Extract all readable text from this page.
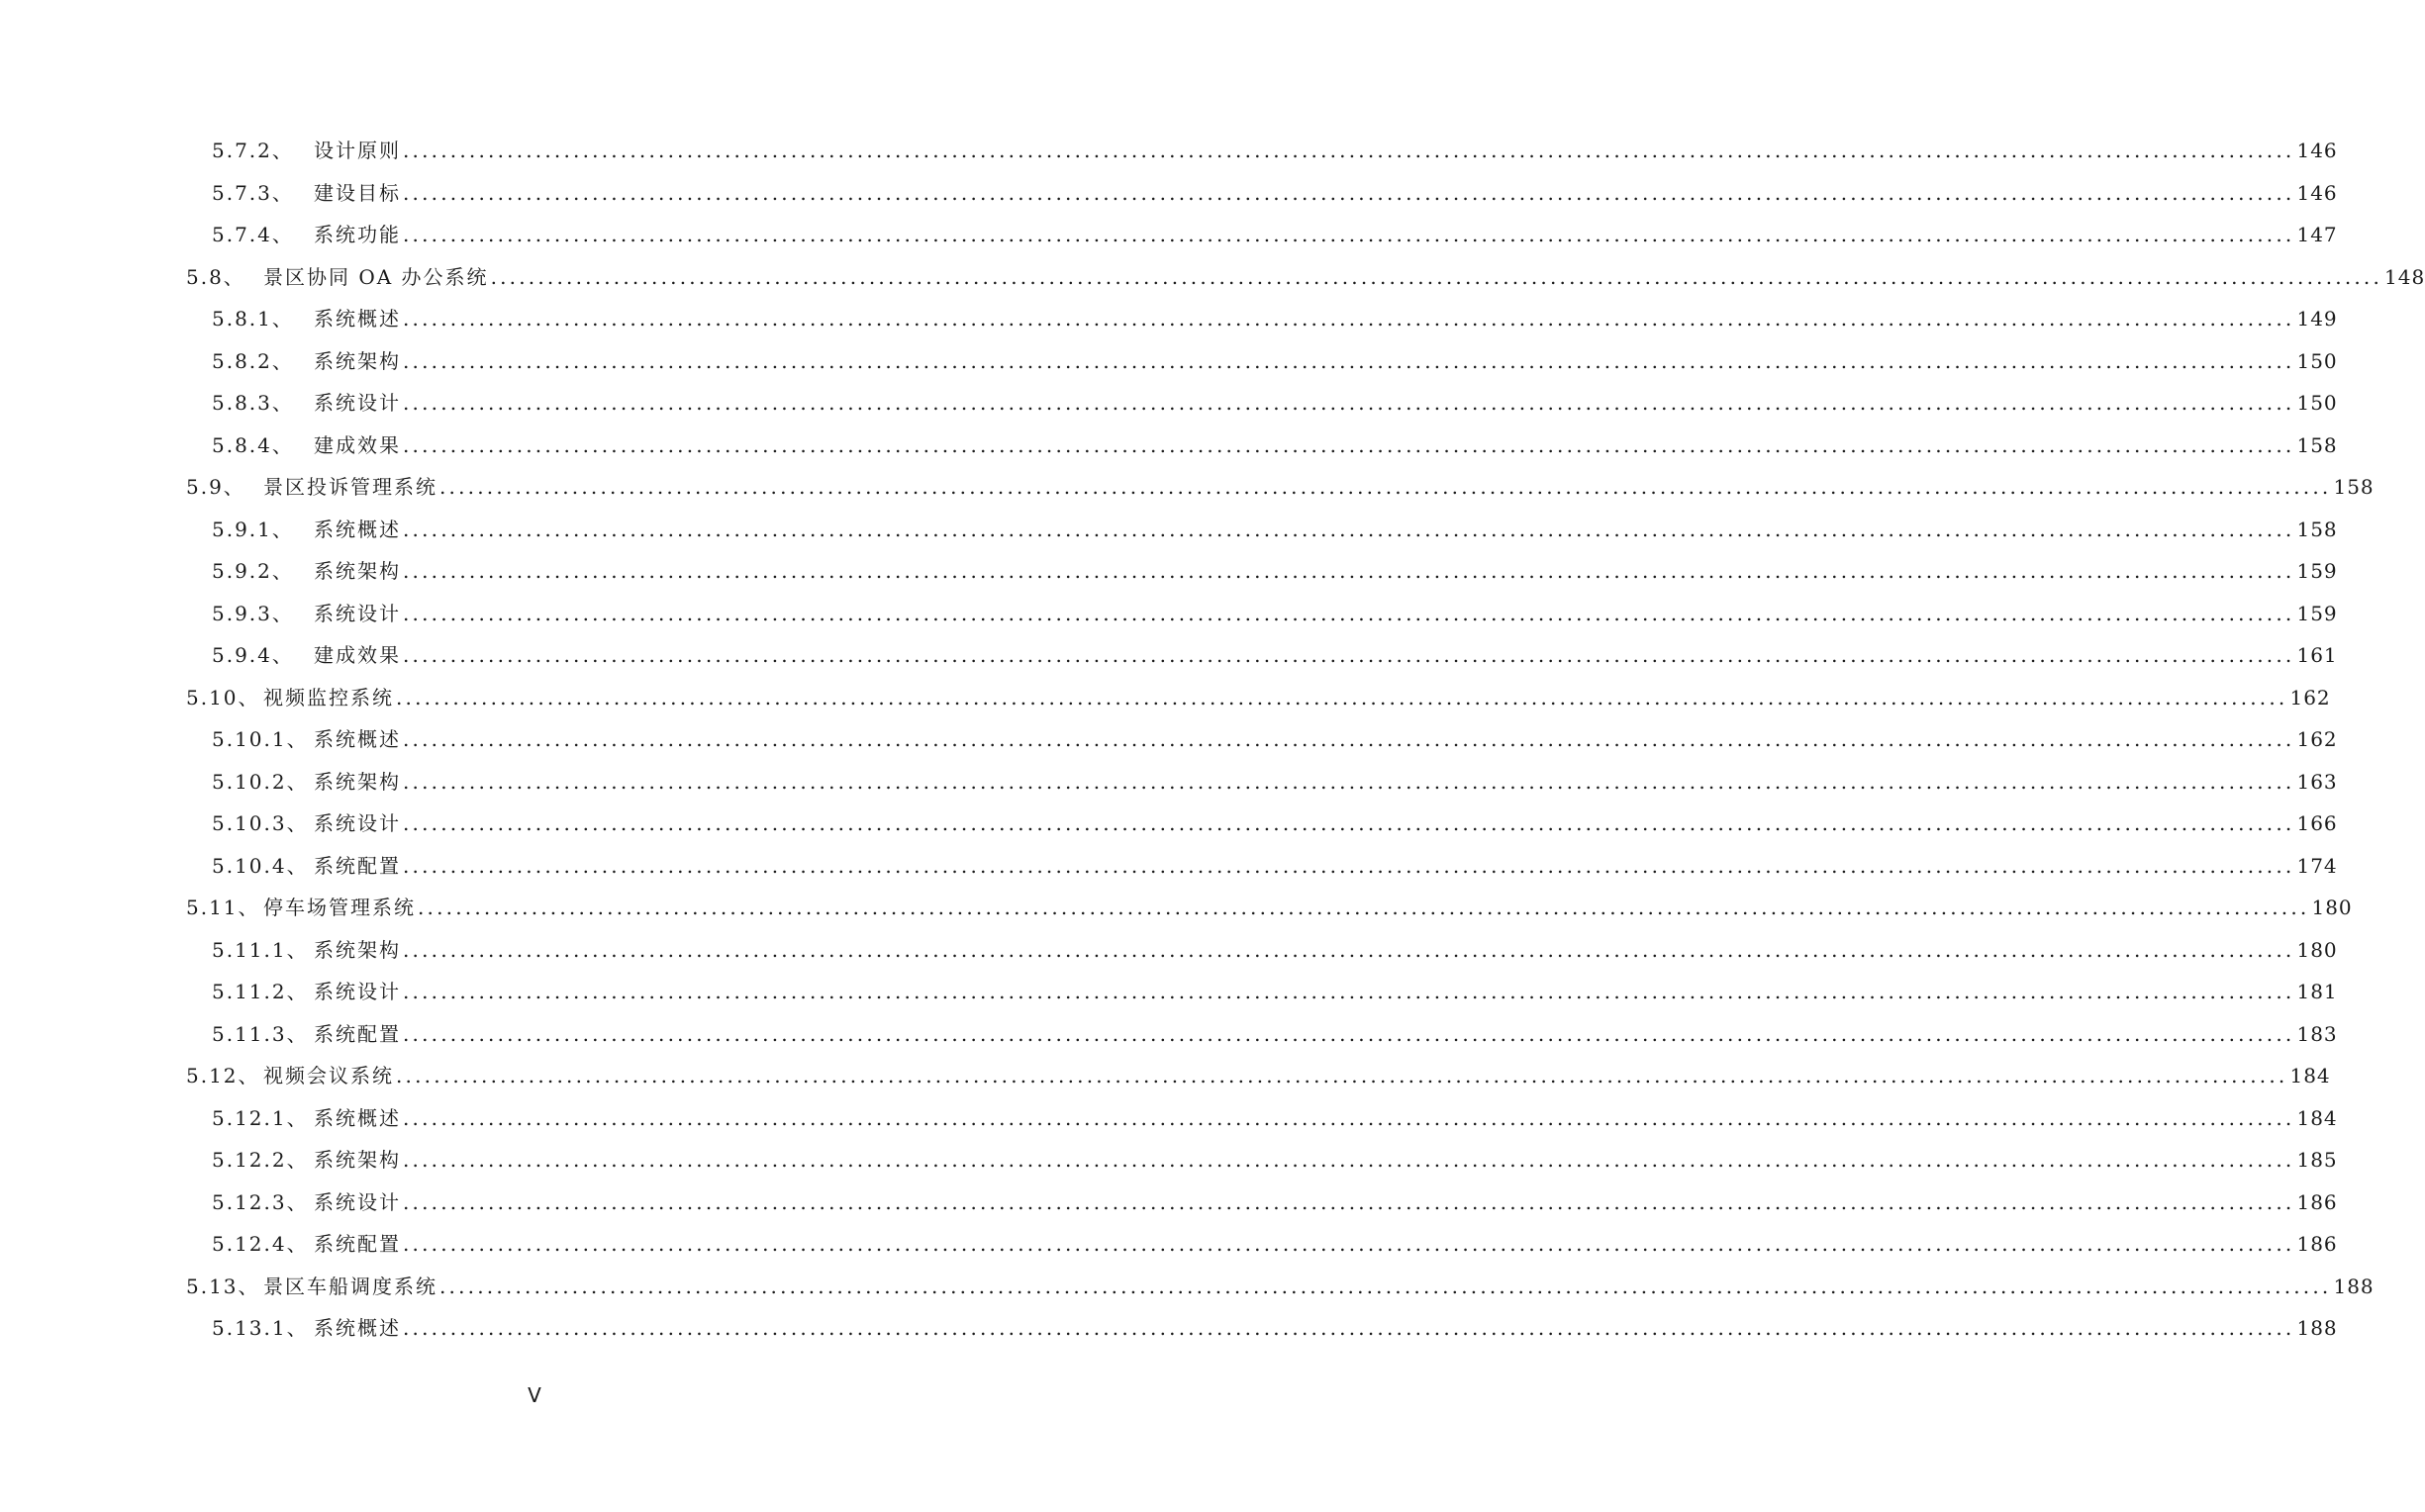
5.7.2、 设计原则 ........................................................................................................................................................................................................ 146
5.7.3、 建设目标 ........................................................................................................................................................................................................ 146
5.7.4、 系统功能 ........................................................................................................................................................................................................ 147
5.8、 景区协同 OA 办公系统 ........................................................................................................................................................................................................ 148
5.8.1、 系统概述 ........................................................................................................................................................................................................ 149
5.8.2、 系统架构 ........................................................................................................................................................................................................ 150
5.8.3、 系统设计 ........................................................................................................................................................................................................ 150
5.8.4、 建成效果 ........................................................................................................................................................................................................ 158
5.9、 景区投诉管理系统 ........................................................................................................................................................................................................ 158
5.9.1、 系统概述 ........................................................................................................................................................................................................ 158
5.9.2、 系统架构 ........................................................................................................................................................................................................ 159
5.9.3、 系统设计 ........................................................................................................................................................................................................ 159
5.9.4、 建成效果 ........................................................................................................................................................................................................ 161
5.10、 视频监控系统 ........................................................................................................................................................................................................ 162
5.10.1、 系统概述 ........................................................................................................................................................................................................ 162
5.10.2、 系统架构 ........................................................................................................................................................................................................ 163
5.10.3、 系统设计 ........................................................................................................................................................................................................ 166
5.10.4、 系统配置 ........................................................................................................................................................................................................ 174
5.11、 停车场管理系统 ........................................................................................................................................................................................................ 180
5.11.1、 系统架构 ........................................................................................................................................................................................................ 180
5.11.2、 系统设计 ........................................................................................................................................................................................................ 181
5.11.3、 系统配置 ........................................................................................................................................................................................................ 183
5.12、 视频会议系统 ........................................................................................................................................................................................................ 184
5.12.1、 系统概述 ........................................................................................................................................................................................................ 184
5.12.2、 系统架构 ........................................................................................................................................................................................................ 185
5.12.3、 系统设计 ........................................................................................................................................................................................................ 186
5.12.4、 系统配置 ........................................................................................................................................................................................................ 186
5.13、 景区车船调度系统 ........................................................................................................................................................................................................ 188
5.13.1、 系统概述 ........................................................................................................................................................................................................ 188
V
